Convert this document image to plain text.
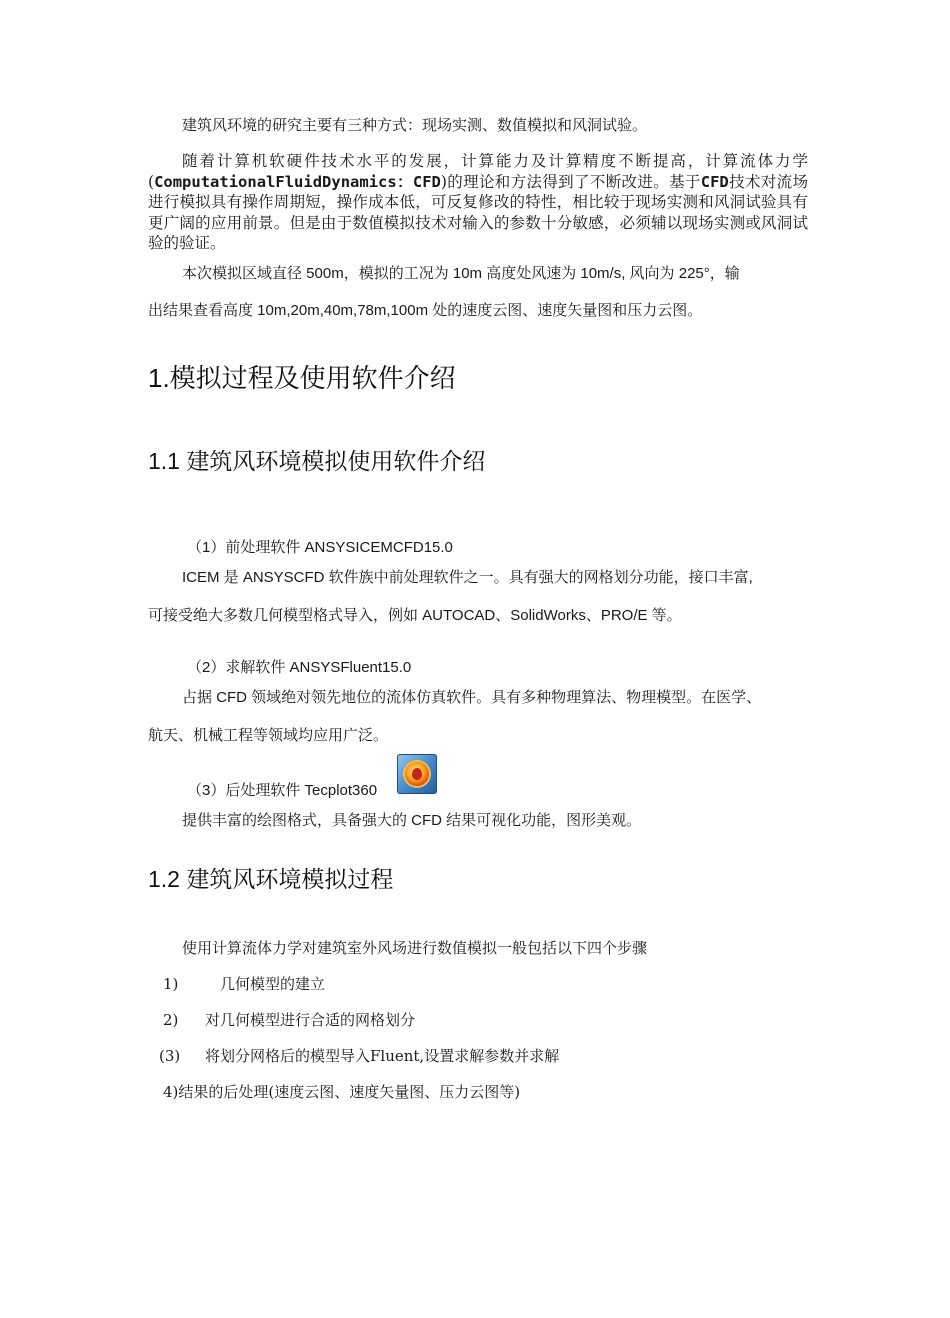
建筑风环境的研究主要有三种方式：现场实测、数值模拟和风洞试验。
随着计算机软硬件技术水平的发展，计算能力及计算精度不断提高，计算流体力学(ComputationalFluidDynamics：CFD)的理论和方法得到了不断改进。基于CFD技术对流场进行模拟具有操作周期短，操作成本低，可反复修改的特性，相比较于现场实测和风洞试验具有更广阔的应用前景。但是由于数值模拟技术对输入的参数十分敏感，必须辅以现场实测或风洞试验的验证。
本次模拟区域直径 500m，模拟的工况为 10m 高度处风速为 10m/s, 风向为 225°，输
出结果查看高度 10m,20m,40m,78m,100m 处的速度云图、速度矢量图和压力云图。
1.模拟过程及使用软件介绍
1.1 建筑风环境模拟使用软件介绍
（1）前处理软件 ANSYSICEMCFD15.0
ICEM 是 ANSYSCFD 软件族中前处理软件之一。具有强大的网格划分功能，接口丰富,
可接受绝大多数几何模型格式导入，例如 AUTOCAD、SolidWorks、PRO/E 等。
（2）求解软件 ANSYSFluent15.0
占据 CFD 领域绝对领先地位的流体仿真软件。具有多种物理算法、物理模型。在医学、
航天、机械工程等领域均应用广泛。
（3）后处理软件 Tecplot360
提供丰富的绘图格式，具备强大的 CFD 结果可视化功能，图形美观。
1.2 建筑风环境模拟过程
使用计算流体力学对建筑室外风场进行数值模拟一般包括以下四个步骤
1)	几何模型的建立
2) 对几何模型进行合适的网格划分
(3) 将划分网格后的模型导入Fluent,设置求解参数并求解
4)结果的后处理(速度云图、速度矢量图、压力云图等)
